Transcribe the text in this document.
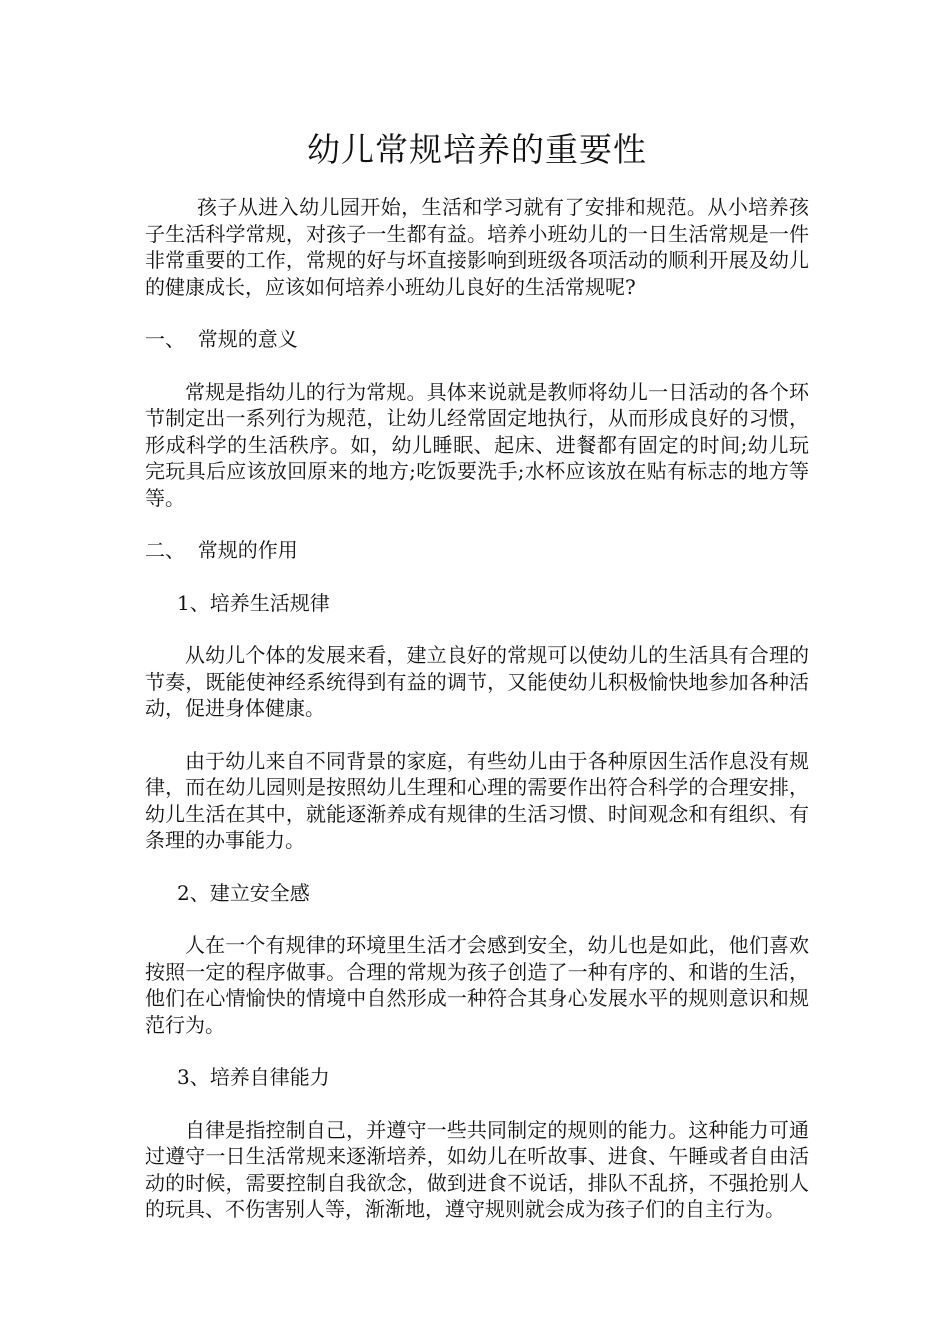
幼儿常规培养的重要性

孩子从进入幼儿园开始，生活和学习就有了安排和规范。从小培养孩子生活科学常规，对孩子一生都有益。培养小班幼儿的一日生活常规是一件非常重要的工作，常规的好与坏直接影响到班级各项活动的顺利开展及幼儿的健康成长，应该如何培养小班幼儿良好的生活常规呢?

一、  常规的意义

常规是指幼儿的行为常规。具体来说就是教师将幼儿一日活动的各个环节制定出一系列行为规范，让幼儿经常固定地执行，从而形成良好的习惯，形成科学的生活秩序。如，幼儿睡眠、起床、进餐都有固定的时间;幼儿玩完玩具后应该放回原来的地方;吃饭要洗手;水杯应该放在贴有标志的地方等等。

二、  常规的作用
1、培养生活规律

从幼儿个体的发展来看，建立良好的常规可以使幼儿的生活具有合理的节奏，既能使神经系统得到有益的调节，又能使幼儿积极愉快地参加各种活动，促进身体健康。

由于幼儿来自不同背景的家庭，有些幼儿由于各种原因生活作息没有规律，而在幼儿园则是按照幼儿生理和心理的需要作出符合科学的合理安排，幼儿生活在其中，就能逐渐养成有规律的生活习惯、时间观念和有组织、有条理的办事能力。

2、建立安全感

人在一个有规律的环境里生活才会感到安全，幼儿也是如此，他们喜欢按照一定的程序做事。合理的常规为孩子创造了一种有序的、和谐的生活，他们在心情愉快的情境中自然形成一种符合其身心发展水平的规则意识和规范行为。

3、培养自律能力

自律是指控制自己，并遵守一些共同制定的规则的能力。这种能力可通过遵守一日生活常规来逐渐培养，如幼儿在听故事、进食、午睡或者自由活动的时候，需要控制自我欲念，做到进食不说话，排队不乱挤，不强抢别人的玩具、不伤害别人等，渐渐地，遵守规则就会成为孩子们的自主行为。
